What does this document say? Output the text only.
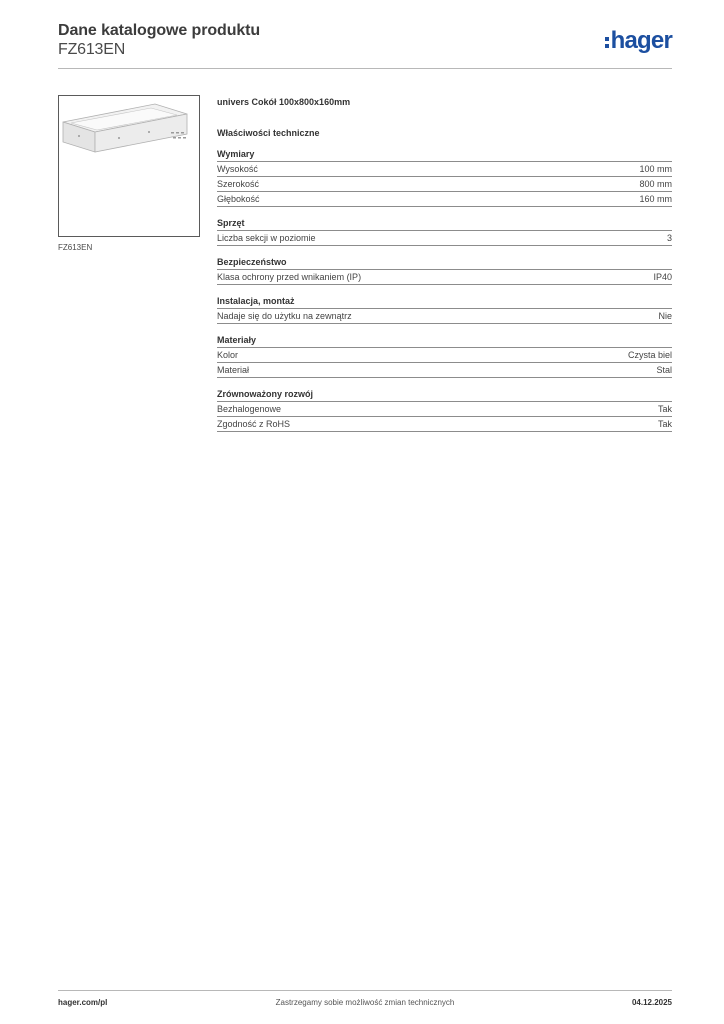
Dane katalogowe produktu
FZ613EN	hager
FZ613EN
univers Cokół 100x800x160mm
Właściwości techniczne
Wymiary
Wysokość	100 mm
Szerokość	800 mm
Głębokość	160 mm
Sprzęt
Liczba sekcji w poziomie	3
Bezpieczeństwo
Klasa ochrony przed wnikaniem (IP)	IP40
Instalacja, montaż
Nadaje się do użytku na zewnątrz	Nie
Materiały
Kolor	Czysta biel
Materiał	Stal
Zrównoważony rozwój
Bezhalogenowe	Tak
Zgodność z RoHS	Tak
hager.com/pl	Zastrzegamy sobie możliwość zmian technicznych	04.12.2025
